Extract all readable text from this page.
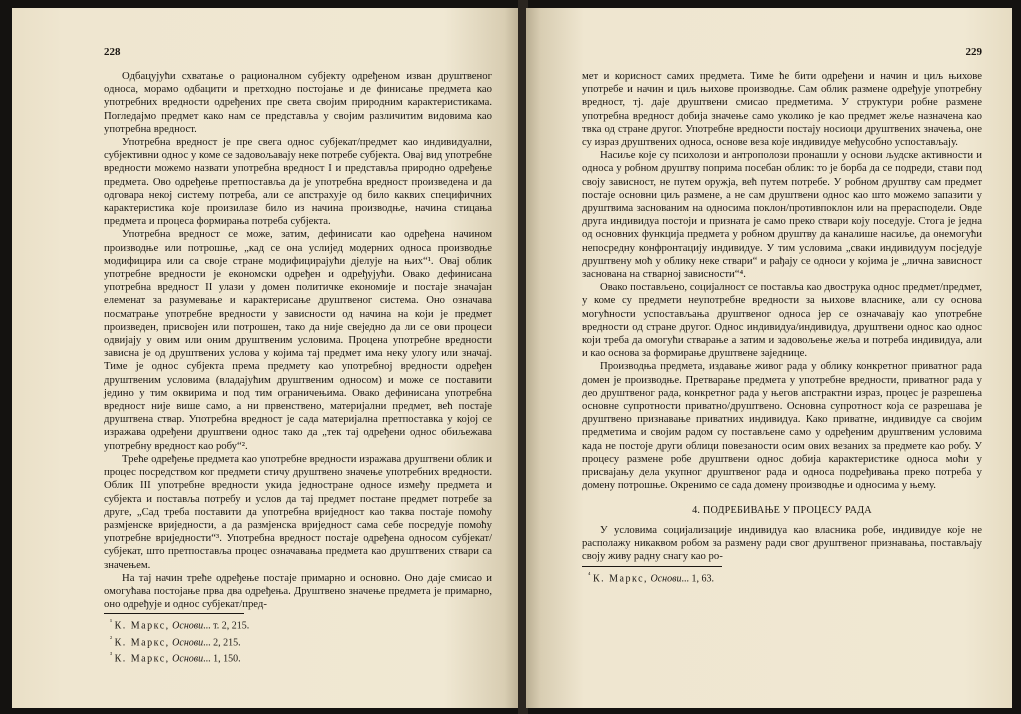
228

Одбацујући схватање о рационалном субјекту одређеном изван друштвеног односа, морамо одбацити и претходно постојање и де финисање предмета као употребних вредности одређених пре света својим природним карактеристикама. Погледајмо предмет како нам се представља у својим различитим видовима као употребна вредност.

Употребна вредност је пре свега однос субјекат/предмет као индивидуални, субјективни однос у коме се задовољавају неке потребе субјекта. Овај вид употребне вредности можемо назвати употребна вредност I и представља природно одређење предмета. Ово одређење претпоставља да је употребна вредност произведена и да одговара некој систему потреба, али се апстрахује од било каквих специфичних карактеристика које произилазе било из начина производње, начина стицања предмета и процеса формирања потреба субјекта.

Употребна вредност се може, затим, дефинисати као одређена начином производње или потрошње, „кад се она услијед модерних односа производње модифицира или са своје стране модифицирајући дјелује на њих“¹. Овај облик употребне вредности је економски одређен и одређујући. Овако дефинисана употребна вредност II улази у домен политичке економије и постаје значајан елеменат за разумевање и карактерисање друштвеног система. Оно означава посматрање употребне вредности у зависности од начина на који је предмет произведен, присвојен или потрошен, тако да није свеједно да ли се ови процеси одвијају у овим или оним друштвеним условима. Процена употребне вредности зависна је од друштвених услова у којима тај предмет има неку улогу или значај. Тиме је однос субјекта према предмету као употребној вредности одређен друштвеним условима (владајућим друштвеним односом) и може се поставити једино у тим оквирима и под тим ограничењима. Овако дефинисана употребна вредност није више само, а ни првенствено, материјални предмет, већ постаје друштвена ствар. Употребна вредност је сада материјална претпоставка у којој се изражава одређени друштвени однос тако да „тек тај одређени однос обиљежава употребну вредност као робу“².

Треће одређење предмета као употребне вредности изражава друштвени облик и процес посредством ког предмети стичу друштвено значење употребних вредности. Облик III употребне вредности укида једностране односе између предмета и субјекта и поставља потребу и услов да тај предмет постане предмет потребе за друге, „Сад треба поставити да употребна вриједност као таква постаје помоћу размјенске вриједности, а да размјенска вриједност сама себе посредује помоћу употребне вриједности“³. Употребна вредност постаје одређена односом субјекат/субјекат, што претпоставља процес означавања предмета као друштвених ствари са значењем.

На тај начин треће одређење постаје примарно и основно. Оно даје смисао и омогућава постојање прва два одређења. Друштвено значење предмета је примарно, оно одређује и однос субјекат/пред-

$^{^1}$ К. Маркс, Основи... т. 2, 215.
$^{^2}$ К. Маркс, Основи... 2, 215.
$^{^3}$ К. Маркс, Основи... 1, 150.
229

мет и корисност самих предмета. Тиме ће бити одређени и начин и циљ њихове употребе и начин и циљ њихове производње. Сам облик размене одређује употребну вредност, тј. даје друштвени смисао предметима. У структури робне размене употребна вредност добија значење само уколико је као предмет жеље назначена као твка од стране другог. Употребне вредности постају носиоци друштвених значења, оне су израз друштвених односа, основе веза које индивидуе међусобно успостављају.

Насиље које су психолози и антрополози пронашли у основи људске активности и односа у робном друштву поприма посебан облик: то је борба да се подреди, стави под своју зависност, не путем оружја, већ путем потребе. У робном друштву сам предмет постаје основни циљ размене, а не сам друштвени однос као што можемо запазити у друштвима заснованим на односима поклон/противпоклон или на прерасподели. Овде друга индивидуа постоји и призната је само преко ствари коју поседује. Стога је једна од основних функција предмета у робном друштву да каналише насиље, да онемогући непосредну конфронтацију индивидуе. У тим условима „сваки индивидуум посједује друштвену моћ у облику неке ствари“ и рађају се односи у којима је „лична зависност заснована на стварној зависности“⁴.

Овако постављено, социјалност се поставља као двострука однос предмет/предмет, у коме су предмети неупотребне вредности за њихове власнике, али су основа могућности успостављања друштвеног односа јер се означавају као употребне вредности од стране другог. Однос индивидуа/индивидуа, друштвени однос као однос који треба да омогући стварање а затим и задовољење жеља и потреба индивидуа, али и као основа за формирање друштвене заједнице.

Производња предмета, издавање живог рада у облику конкретног приватног рада домен је производње. Претварање предмета у употребне вредности, приватног рада у део друштвеног рада, конкретног рада у његов апстрактни израз, процес је разрешења основне супротности приватно/друштвено. Основна супротност која се разрешава је друштвено признавање приватних индивидуа. Како приватне, индивидуе са својим предметима и својим радом су постављене само у одређеним друштвеним условима када не постоје други облици повезаности осим ових везаних за предмете као робу. У процесу размене робе друштвени однос добија карактеристике односа моћи у присвајању дела укупног друштвеног рада и односа подређивања преко потреба у домену потрошње. Окренимо се сада домену производње и односима у њему.

4. ПОДРЕБИВАЊЕ У ПРОЦЕСУ РАДА

У условима социјализације индивидуа као власника робе, индивидуе које не располажу никаквом робом за размену ради свог друштвеног признавања, постављају своју живу радну снагу као ро-

$^{^4}$ К. Маркс, Основи... 1, 63.
